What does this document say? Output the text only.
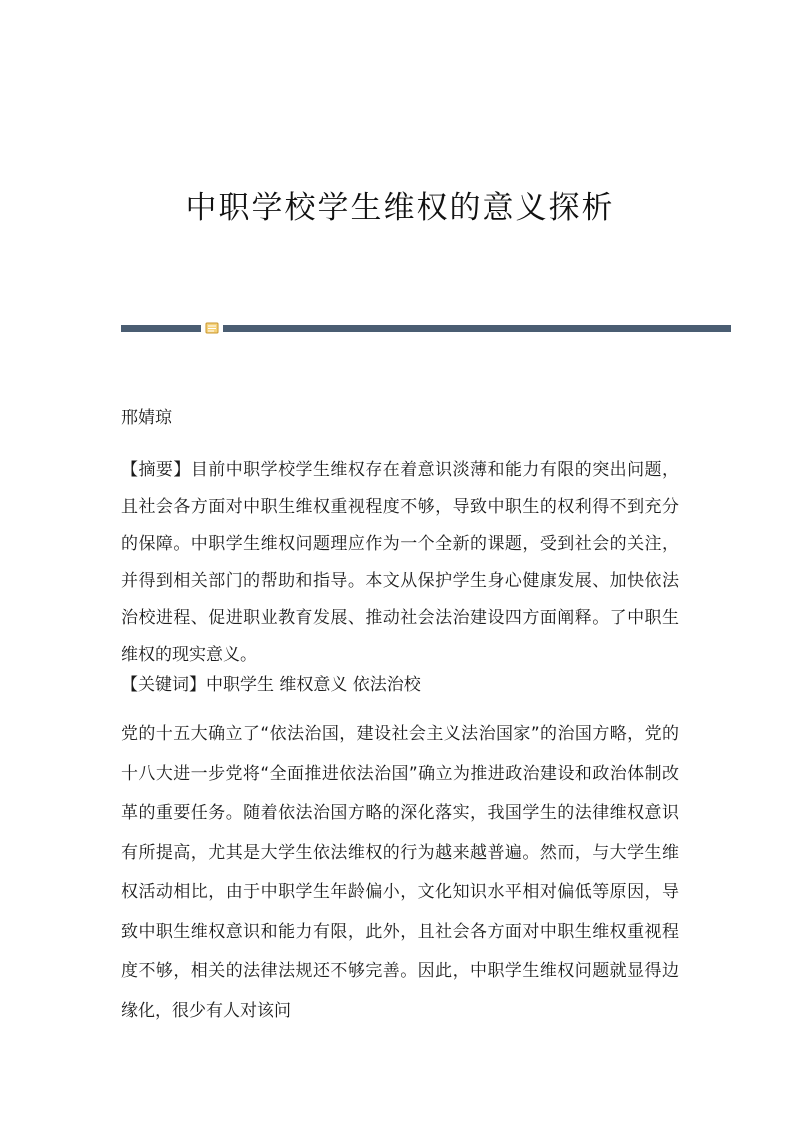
中职学校学生维权的意义探析
邢婧琼
【摘要】目前中职学校学生维权存在着意识淡薄和能力有限的突出问题，且社会各方面对中职生维权重视程度不够，导致中职生的权利得不到充分的保障。中职学生维权问题理应作为一个全新的课题，受到社会的关注，并得到相关部门的帮助和指导。本文从保护学生身心健康发展、加快依法治校进程、促进职业教育发展、推动社会法治建设四方面阐释。了中职生维权的现实意义。
【关键词】中职学生 维权意义 依法治校
党的十五大确立了“依法治国，建设社会主义法治国家”的治国方略，党的十八大进一步党将“全面推进依法治国”确立为推进政治建设和政治体制改革的重要任务。随着依法治国方略的深化落实，我国学生的法律维权意识有所提高，尤其是大学生依法维权的行为越来越普遍。然而，与大学生维权活动相比，由于中职学生年龄偏小，文化知识水平相对偏低等原因，导致中职生维权意识和能力有限，此外，且社会各方面对中职生维权重视程度不够，相关的法律法规还不够完善。因此，中职学生维权问题就显得边缘化，很少有人对该问
